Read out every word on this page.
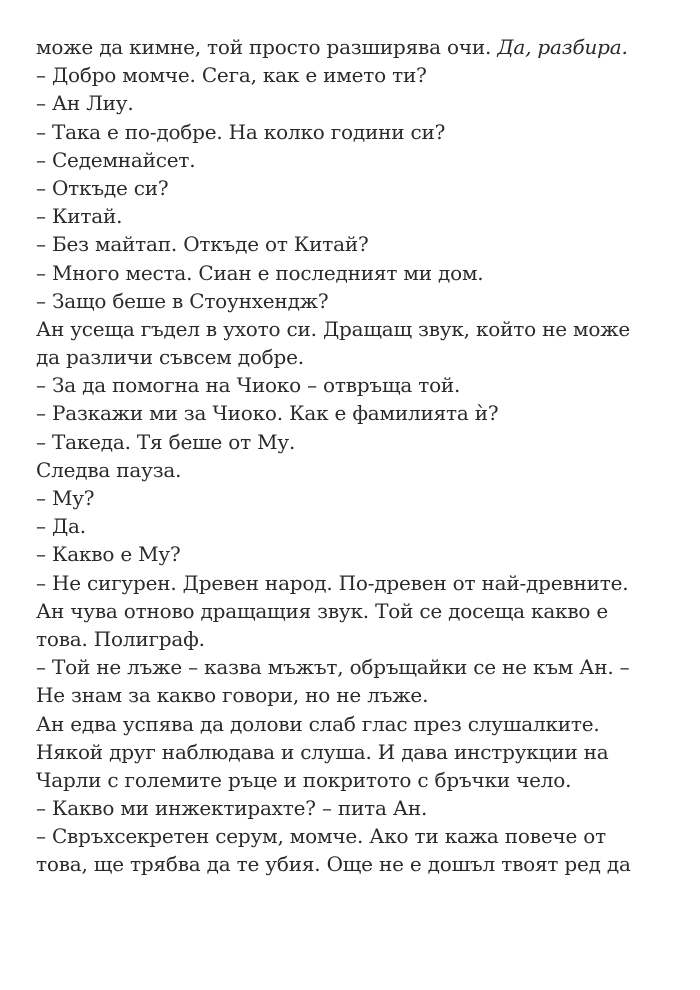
може да кимне, той просто разширява очи. Да, разбира.
– Добро момче. Сега, как е името ти?
– Ан Лиу.
– Така е по-добре. На колко години си?
– Седемнайсет.
– Откъде си?
– Китай.
– Без майтап. Откъде от Китай?
– Много места. Сиан е последният ми дом.
– Защо беше в Стоунхендж?
Ан усеща гъдел в ухото си. Дращащ звук, който не може
да различи съвсем добре.
– За да помогна на Чиоко – отвръща той.
– Разкажи ми за Чиоко. Как е фамилията ѝ?
– Такеда. Тя беше от Му.
Следва пауза.
– Му?
– Да.
– Какво е Му?
– Не сигурен. Древен народ. По-древен от най-древните.
Ан чува отново дращащия звук. Той се досеща какво е
това. Полиграф.
– Той не лъже – казва мъжът, обръщайки се не към Ан. –
Не знам за какво говори, но не лъже.
Ан едва успява да долови слаб глас през слушалките.
Някой друг наблюдава и слуша. И дава инструкции на
Чарли с големите ръце и покритото с бръчки чело.
– Какво ми инжектирахте? – пита Ан.
– Свръхсекретен серум, момче. Ако ти кажа повече от
това, ще трябва да те убия. Още не е дошъл твоят ред да
